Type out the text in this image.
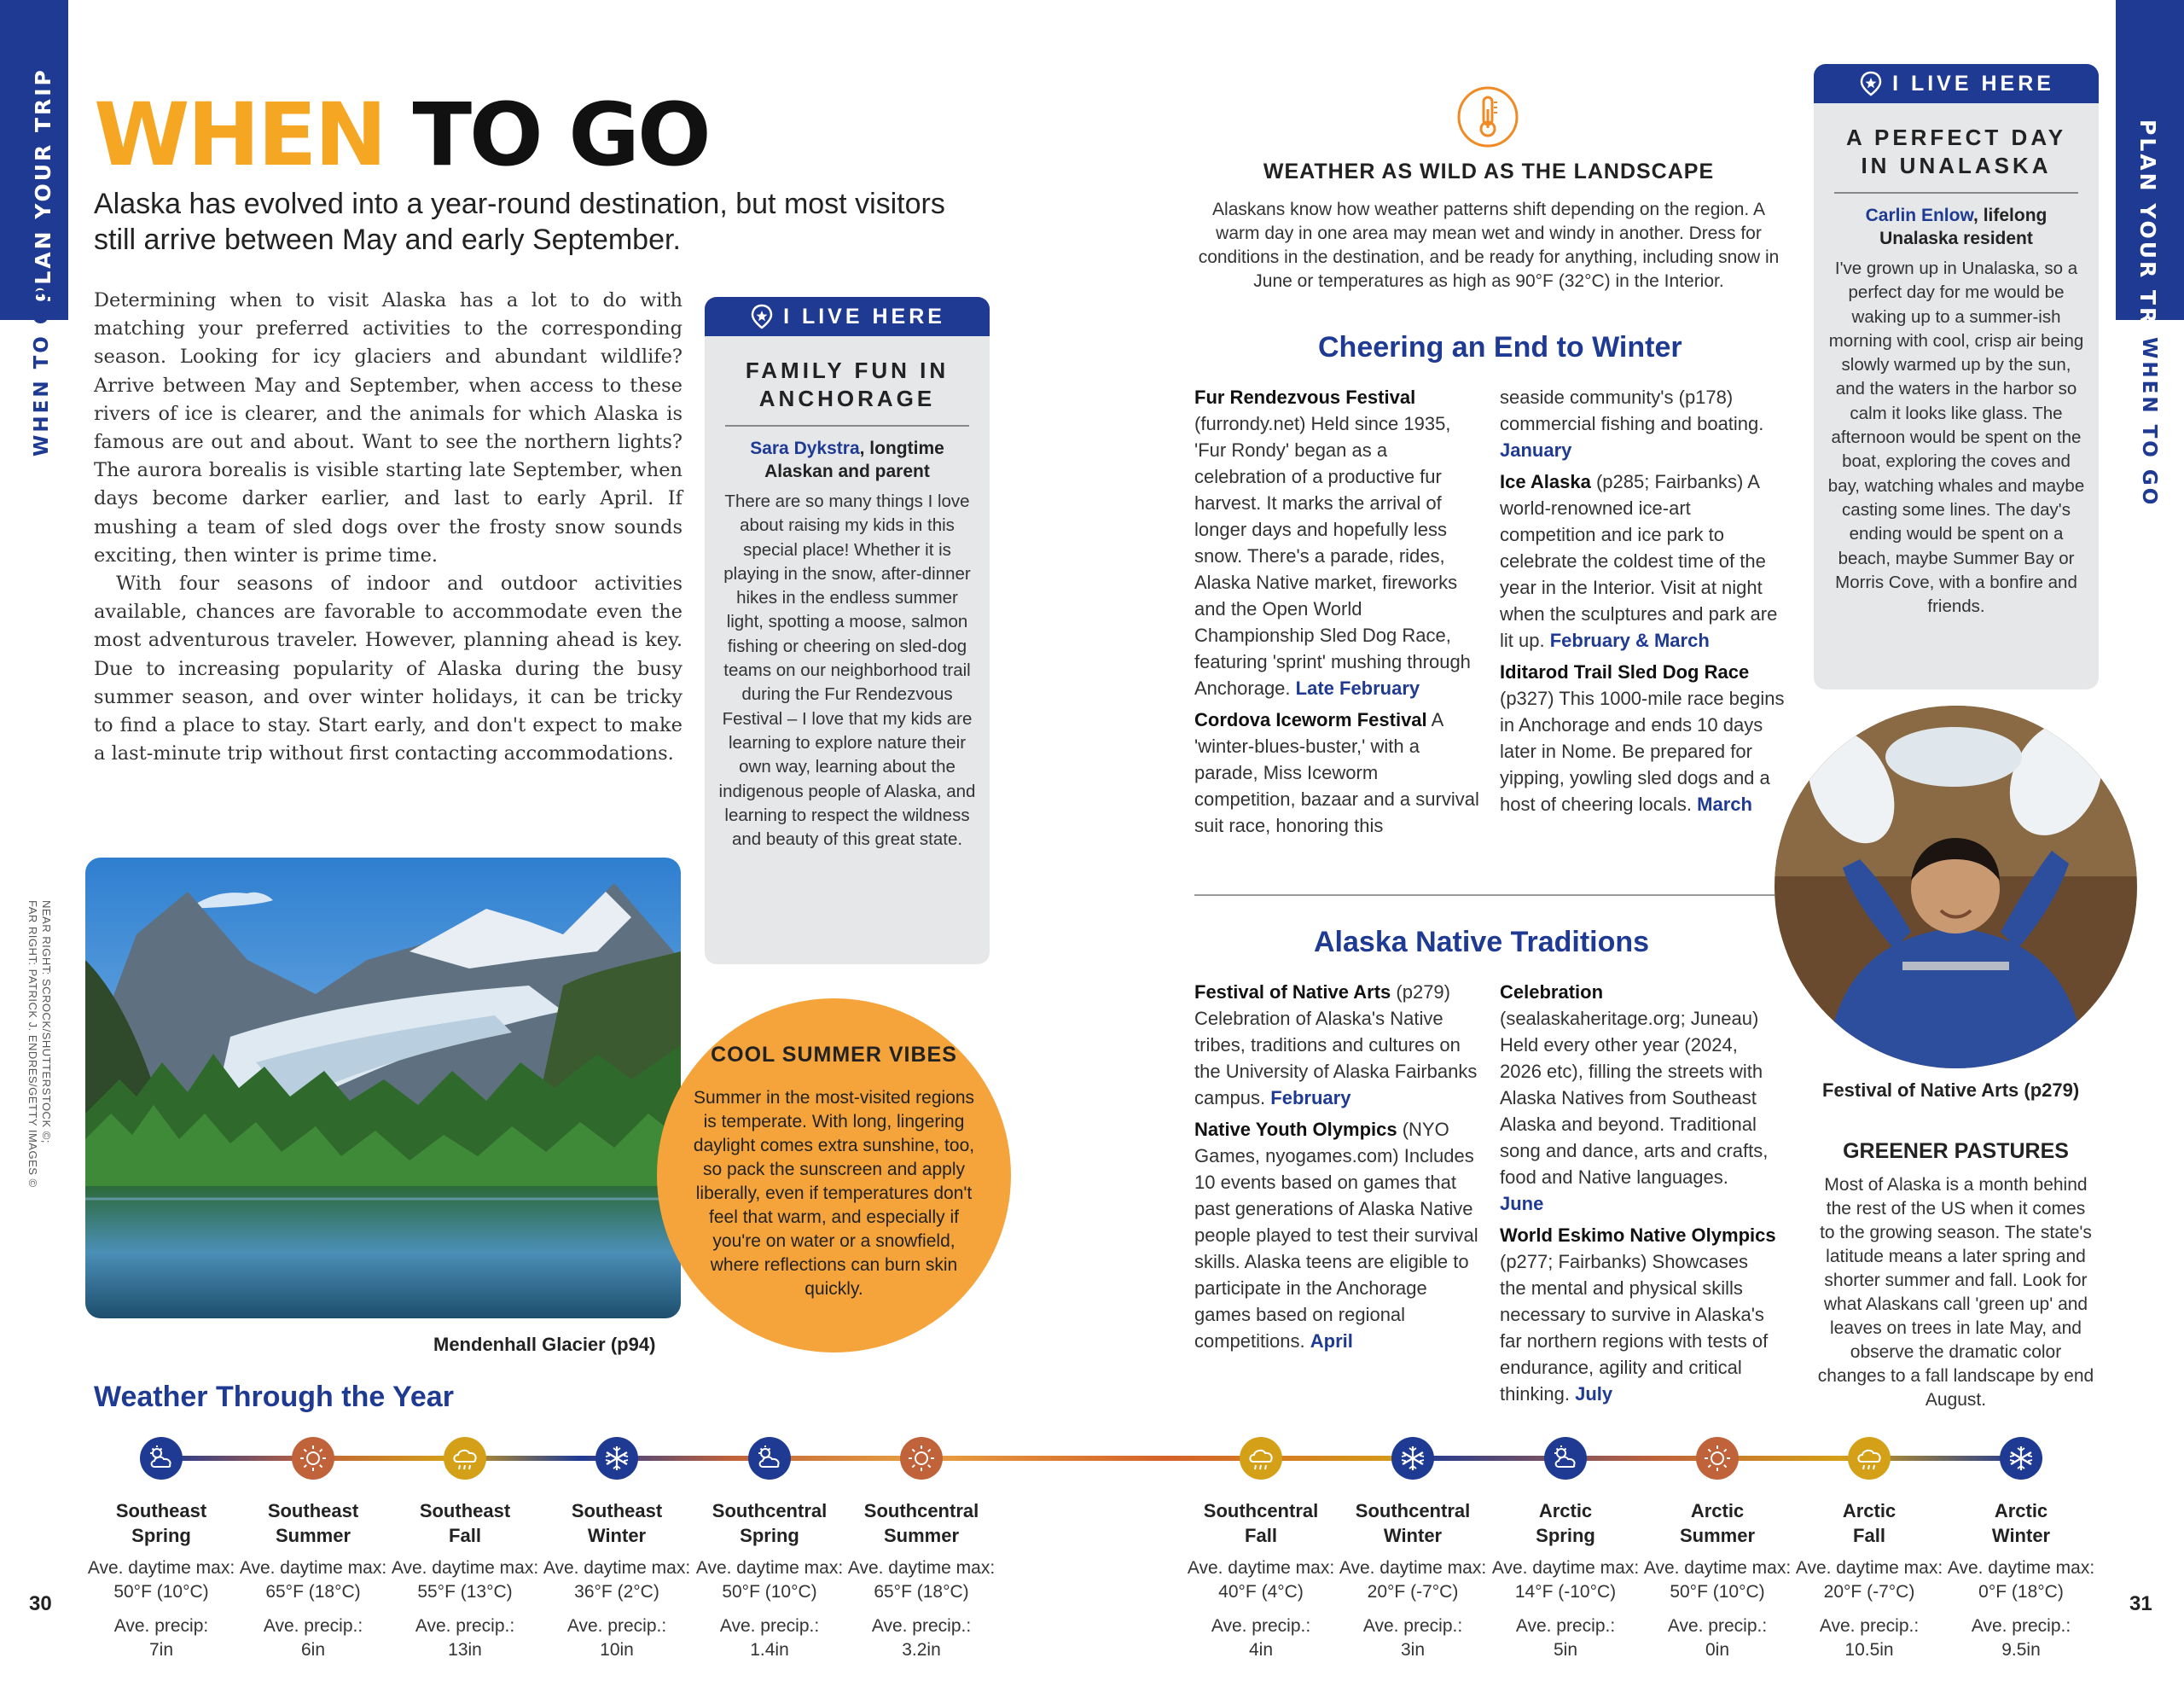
PLAN YOUR TRIP
WHEN TO GO
PLAN YOUR TRIP
WHEN TO GO
30	31
WHEN TO GO
Alaska has evolved into a year-round destination, but most visitors still arrive between May and early September.

Determining when to visit Alaska has a lot to do with matching your preferred activities to the corresponding season. Looking for icy glaciers and abundant wildlife? Arrive between May and September, when access to these rivers of ice is clearer, and the animals for which Alaska is famous are out and about. Want to see the northern lights? The aurora borealis is visible starting late September, when days become darker earlier, and last to early April. If mushing a team of sled dogs over the frosty snow sounds exciting, then winter is prime time.

With four seasons of indoor and outdoor activities available, chances are favorable to accommodate even the most adventurous traveler. However, planning ahead is key. Due to increasing popularity of Alaska during the busy summer season, and over winter holidays, it can be tricky to find a place to stay. Start early, and don't expect to make a last-minute trip without first contacting accommodations.

NEAR RIGHT: SCROCK/SHUTTERSTOCK ©;
FAR RIGHT: PATRICK J. ENDRES/GETTY IMAGES ©
Mendenhall Glacier (p94)
I LIVE HERE
FAMILY FUN IN ANCHORAGE
Sara Dykstra, longtime Alaskan and parent
There are so many things I love about raising my kids in this special place! Whether it is playing in the snow, after-dinner hikes in the endless summer light, spotting a moose, salmon fishing or cheering on sled-dog teams on our neighborhood trail during the Fur Rendezvous Festival – I love that my kids are learning to explore nature their own way, learning about the indigenous people of Alaska, and learning to respect the wildness and beauty of this great state.
COOL SUMMER VIBES
Summer in the most-visited regions is temperate. With long, lingering daylight comes extra sunshine, too, so pack the sunscreen and apply liberally, even if temperatures don't feel that warm, and especially if you're on water or a snowfield, where reflections can burn skin quickly.
WEATHER AS WILD AS THE LANDSCAPE
Alaskans know how weather patterns shift depending on the region. A warm day in one area may mean wet and windy in another. Dress for conditions in the destination, and be ready for anything, including snow in June or temperatures as high as 90°F (32°C) in the Interior.
Cheering an End to Winter
Fur Rendezvous Festival (furrondy.net) Held since 1935, 'Fur Rondy' began as a celebration of a productive fur harvest. It marks the arrival of longer days and hopefully less snow. There's a parade, rides, Alaska Native market, fireworks and the Open World Championship Sled Dog Race, featuring 'sprint' mushing through Anchorage. Late February
Cordova Iceworm Festival A 'winter-blues-buster,' with a parade, Miss Iceworm competition, bazaar and a survival suit race, honoring this
seaside community's (p178) commercial fishing and boating. January
Ice Alaska (p285; Fairbanks) A world-renowned ice-art competition and ice park to celebrate the coldest time of the year in the Interior. Visit at night when the sculptures and park are lit up. February & March
Iditarod Trail Sled Dog Race (p327) This 1000-mile race begins in Anchorage and ends 10 days later in Nome. Be prepared for yipping, yowling sled dogs and a host of cheering locals. March
Alaska Native Traditions
Festival of Native Arts (p279) Celebration of Alaska's Native tribes, traditions and cultures on the University of Alaska Fairbanks campus. February
Native Youth Olympics (NYO Games, nyogames.com) Includes 10 events based on games that past generations of Alaska Native people played to test their survival skills. Alaska teens are eligible to participate in the Anchorage games based on regional competitions. April
Celebration (sealaskaheritage.org; Juneau) Held every other year (2024, 2026 etc), filling the streets with Alaska Natives from Southeast Alaska and beyond. Traditional song and dance, arts and crafts, food and Native languages. June
World Eskimo Native Olympics (p277; Fairbanks) Showcases the mental and physical skills necessary to survive in Alaska's far northern regions with tests of endurance, agility and critical thinking. July
I LIVE HERE
A PERFECT DAY IN UNALASKA
Carlin Enlow, lifelong Unalaska resident
I've grown up in Unalaska, so a perfect day for me would be waking up to a summer-ish morning with cool, crisp air being slowly warmed up by the sun, and the waters in the harbor so calm it looks like glass. The afternoon would be spent on the boat, exploring the coves and bay, watching whales and maybe casting some lines. The day's ending would be spent on a beach, maybe Summer Bay or Morris Cove, with a bonfire and friends.
Festival of Native Arts (p279)
GREENER PASTURES
Most of Alaska is a month behind the rest of the US when it comes to the growing season. The state's latitude means a later spring and shorter summer and fall. Look for what Alaskans call 'green up' and leaves on trees in late May, and observe the dramatic color changes to a fall landscape by end August.
Weather Through the Year
Southeast
Spring
Ave. daytime max: 50°F (10°C)
Ave. precip:
7in
Southeast
Summer
Ave. daytime max: 65°F (18°C)
Ave. precip.:
6in
Southeast
Fall
Ave. daytime max: 55°F (13°C)
Ave. precip.:
13in
Southeast
Winter
Ave. daytime max: 36°F (2°C)
Ave. precip.:
10in
Southcentral
Spring
Ave. daytime max: 50°F (10°C)
Ave. precip.:
1.4in
Southcentral
Summer
Ave. daytime max: 65°F (18°C)
Ave. precip.:
3.2in
Southcentral
Fall
Ave. daytime max: 40°F (4°C)
Ave. precip.:
4in
Southcentral
Winter
Ave. daytime max: 20°F (-7°C)
Ave. precip.:
3in
Arctic
Spring
Ave. daytime max: 14°F (-10°C)
Ave. precip.:
5in
Arctic
Summer
Ave. daytime max: 50°F (10°C)
Ave. precip.:
0in
Arctic
Fall
Ave. daytime max: 20°F (-7°C)
Ave. precip.:
10.5in
Arctic
Winter
Ave. daytime max: 0°F (18°C)
Ave. precip.:
9.5in
